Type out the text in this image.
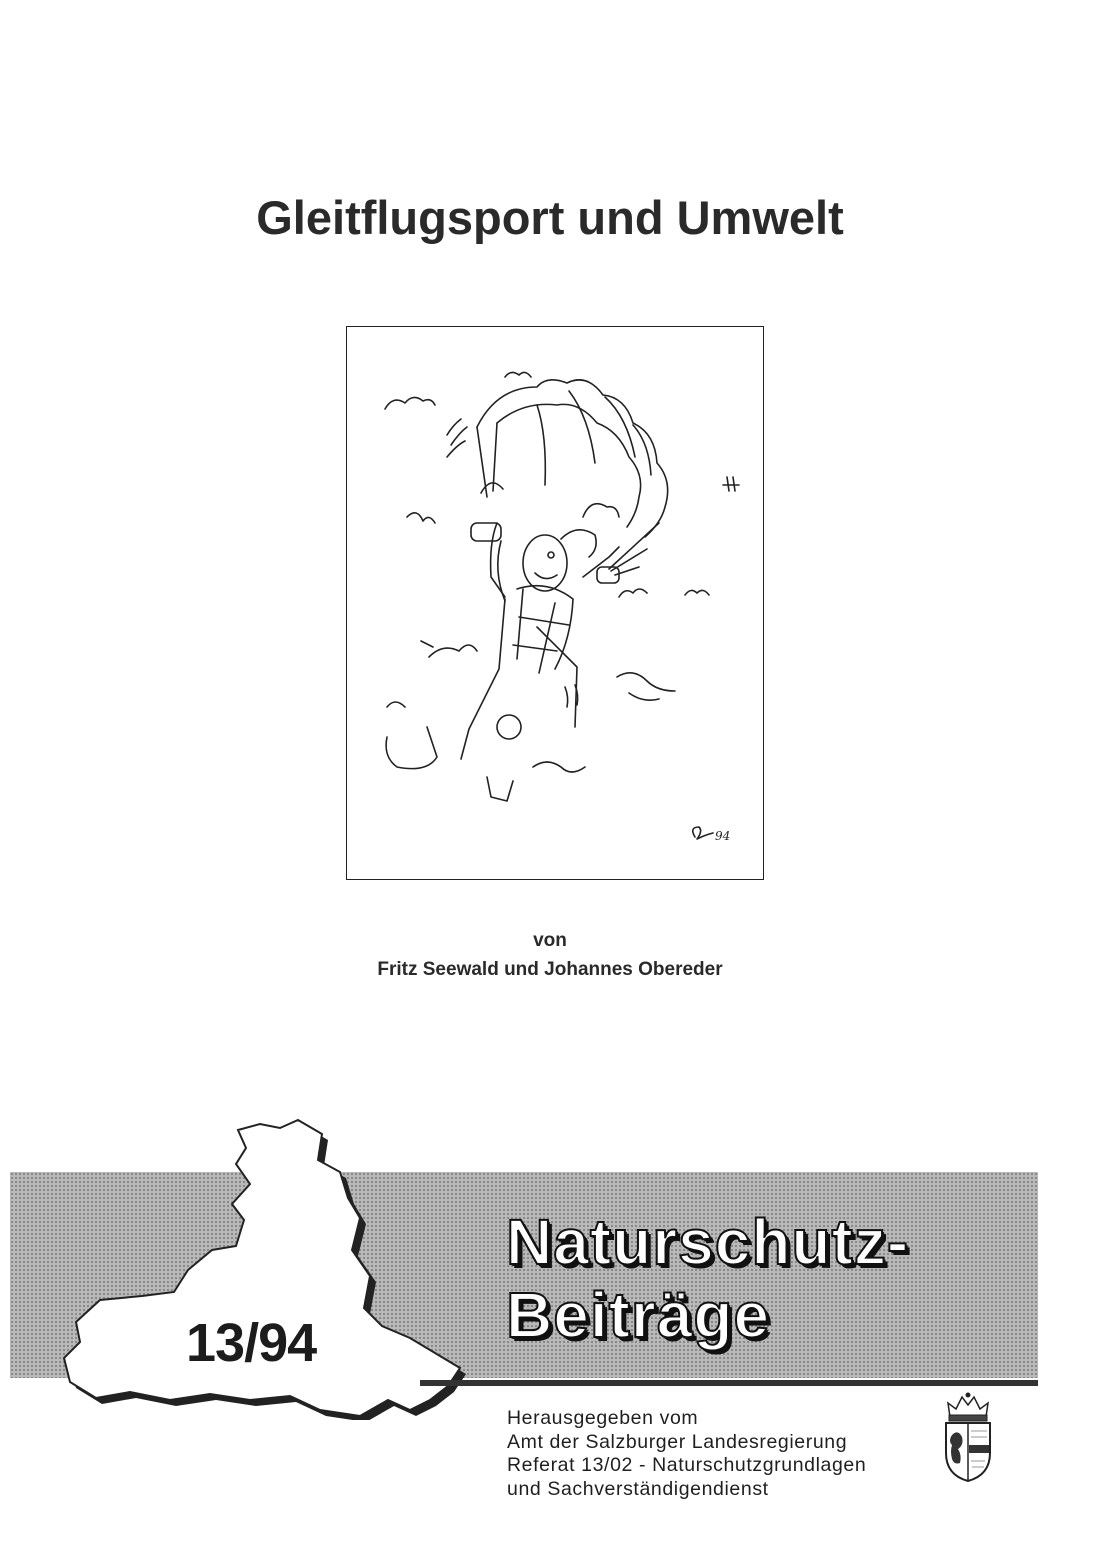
Gleitflugsport und Umwelt
94
von
Fritz Seewald und Johannes Obereder
Naturschutz-
Beiträge
13/94
Herausgegeben vom
Amt der Salzburger Landesregierung
Referat 13/02 - Naturschutzgrundlagen
und Sachverständigendienst
